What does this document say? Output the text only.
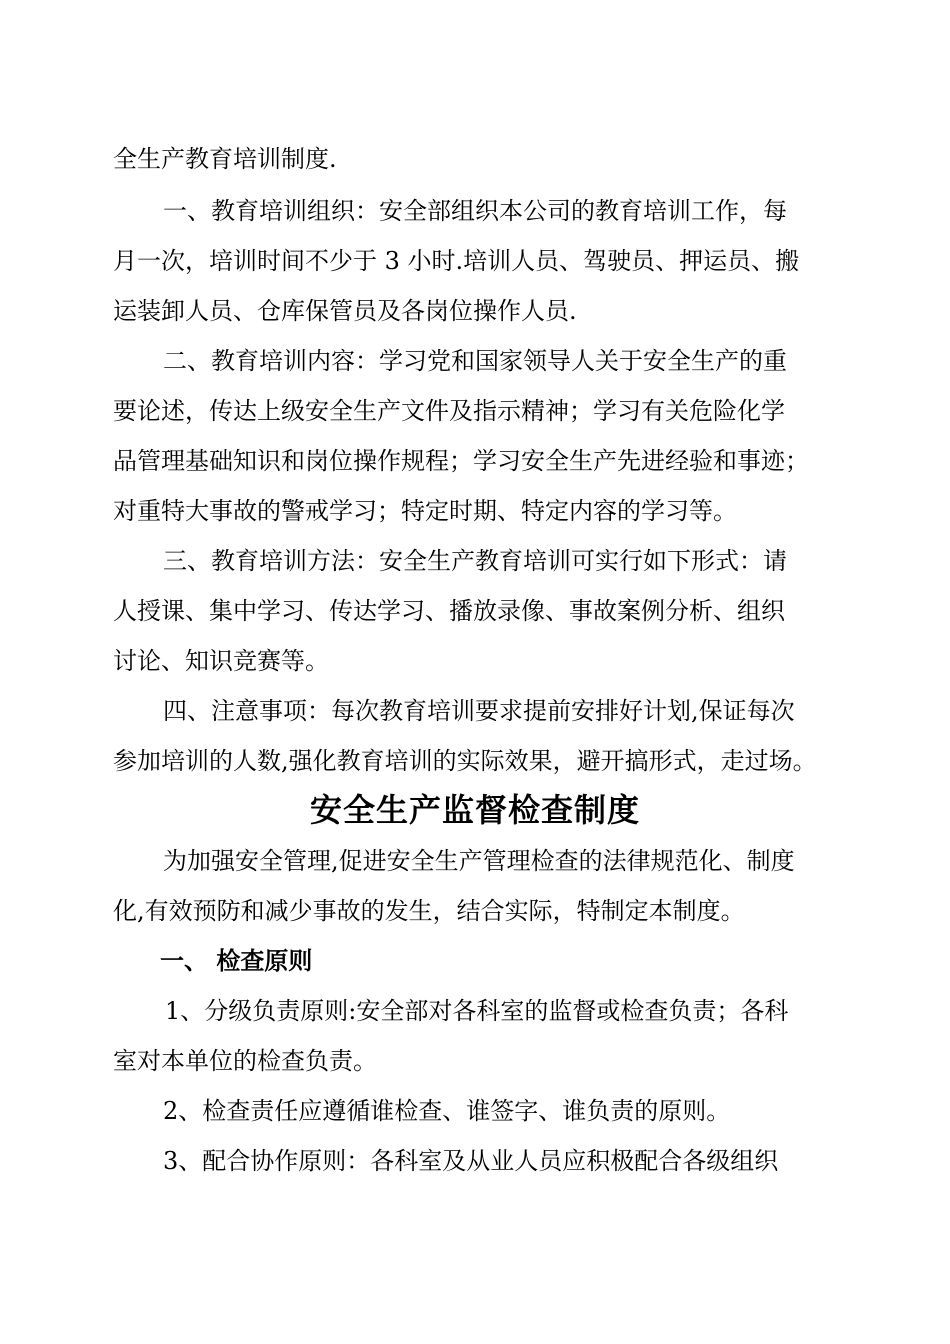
全生产教育培训制度.
一、教育培训组织：安全部组织本公司的教育培训工作，每
月一次，培训时间不少于 3 小时.培训人员、驾驶员、押运员、搬
运装卸人员、仓库保管员及各岗位操作人员.
二、教育培训内容：学习党和国家领导人关于安全生产的重
要论述，传达上级安全生产文件及指示精神；学习有关危险化学
品管理基础知识和岗位操作规程；学习安全生产先进经验和事迹；
对重特大事故的警戒学习；特定时期、特定内容的学习等。
三、教育培训方法：安全生产教育培训可实行如下形式：请
人授课、集中学习、传达学习、播放录像、事故案例分析、组织
讨论、知识竞赛等。
四、注意事项：每次教育培训要求提前安排好计划,保证每次
参加培训的人数,强化教育培训的实际效果，避开搞形式，走过场。
安全生产监督检查制度
为加强安全管理,促进安全生产管理检查的法律规范化、制度
化,有效预防和减少事故的发生，结合实际，特制定本制度。
一、 检查原则
1、分级负责原则:安全部对各科室的监督或检查负责；各科
室对本单位的检查负责。
2、检查责任应遵循谁检查、谁签字、谁负责的原则。
3、配合协作原则：各科室及从业人员应积极配合各级组织
